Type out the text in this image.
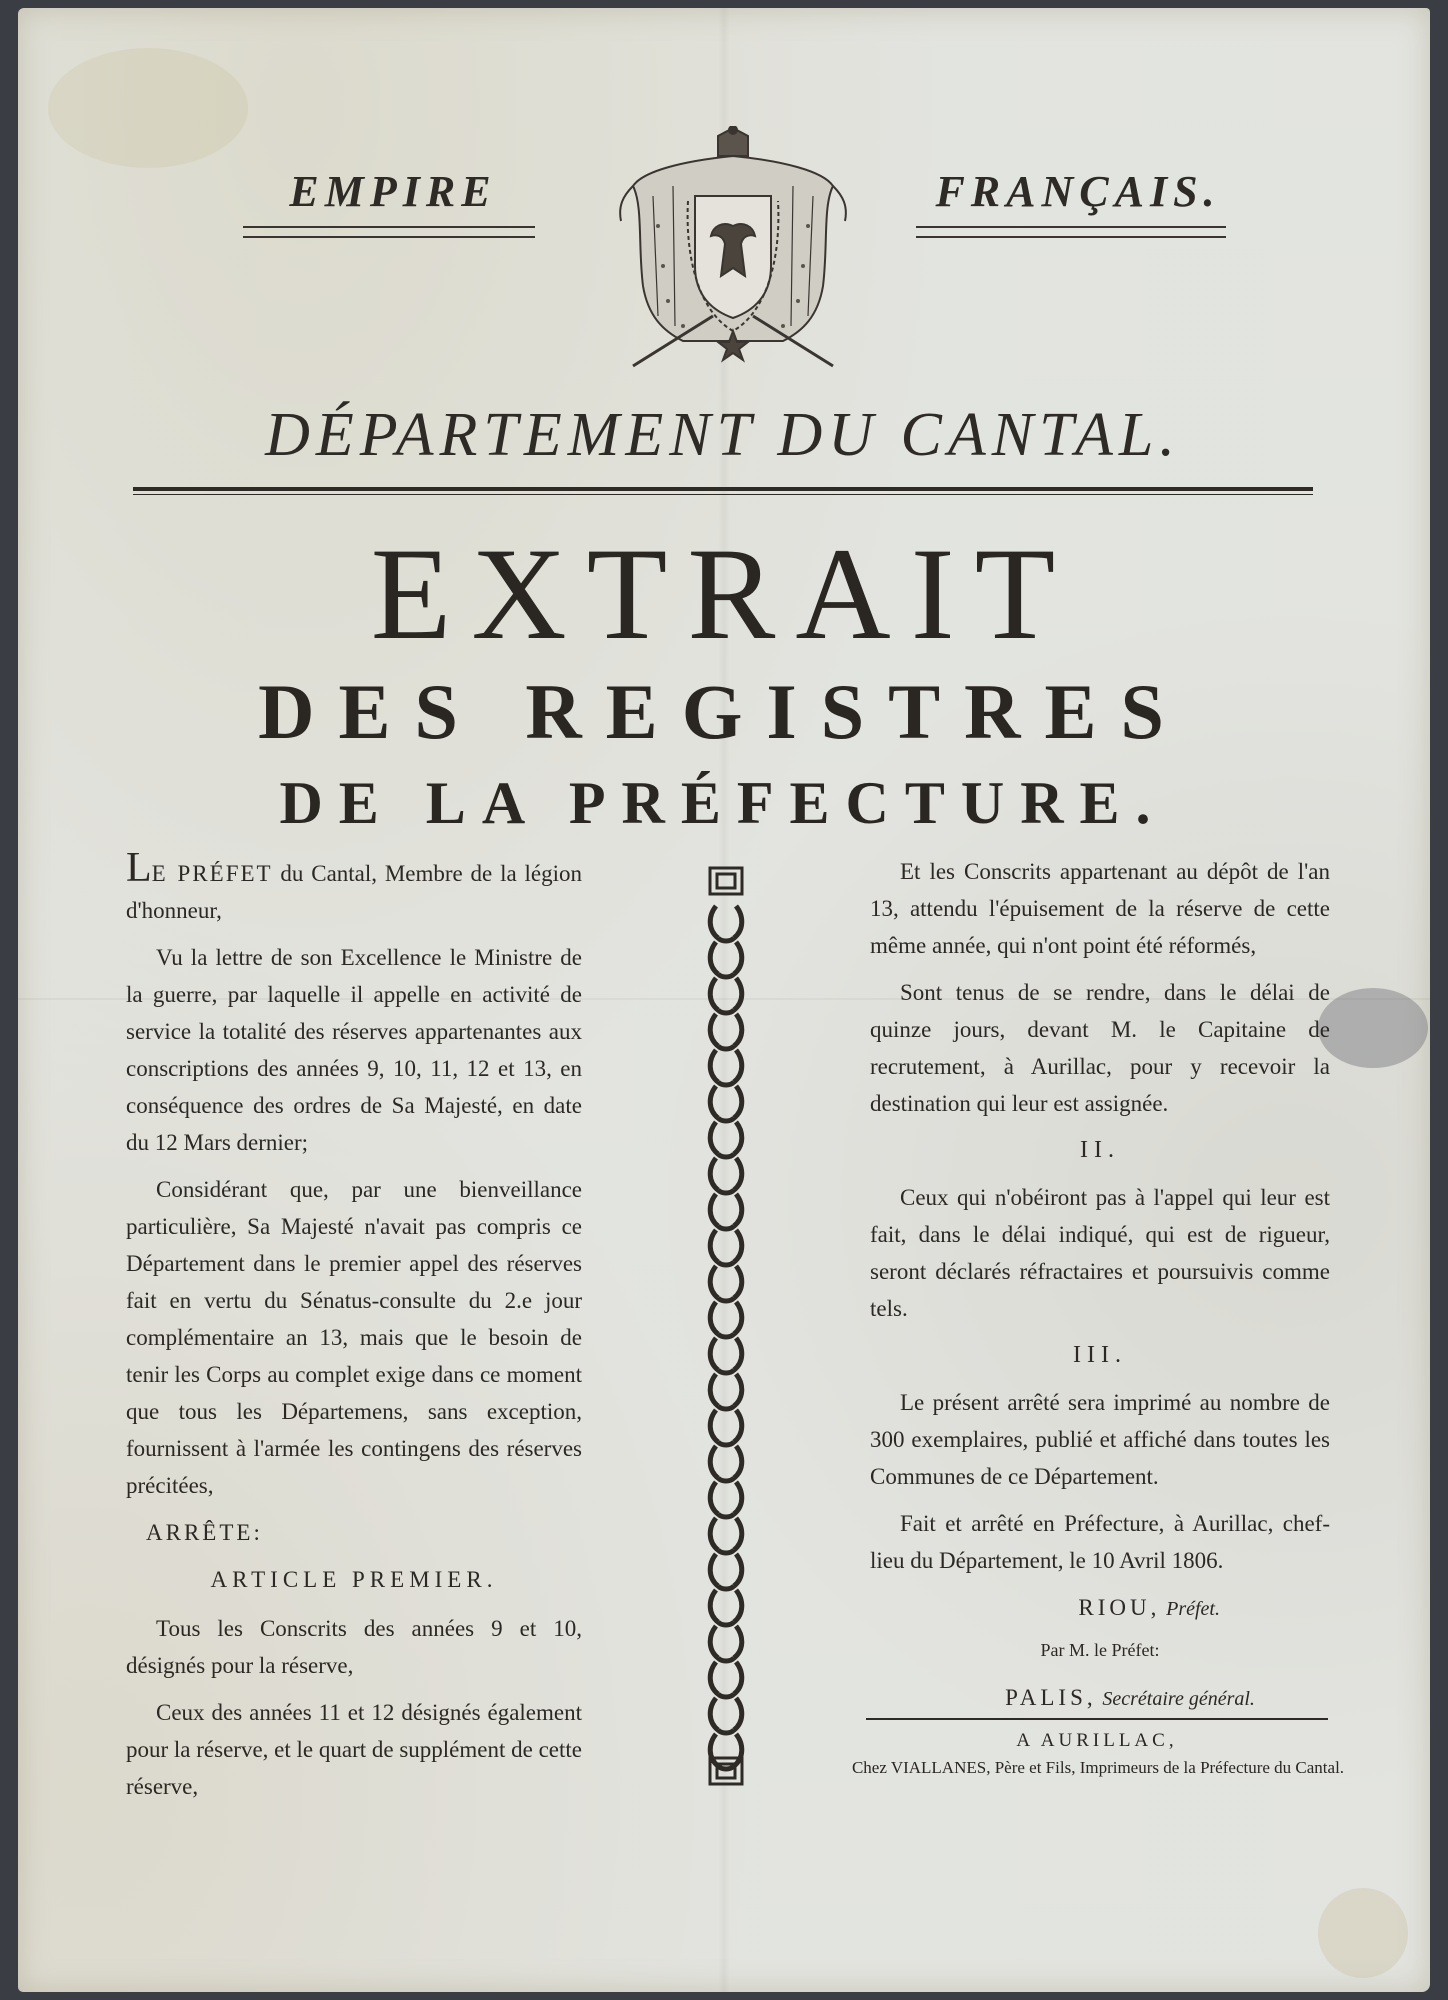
EMPIRE	FRANÇAIS.
DÉPARTEMENT DU CANTAL.
EXTRAIT
DES REGISTRES
DE LA PRÉFECTURE.

LE PRÉFET du Cantal, Membre de la légion d'honneur,

Vu la lettre de son Excellence le Ministre de la guerre, par laquelle il appelle en activité de service la totalité des réserves appartenantes aux conscriptions des années 9, 10, 11, 12 et 13, en conséquence des ordres de Sa Majesté, en date du 12 Mars dernier;

Considérant que, par une bienveillance particulière, Sa Majesté n'avait pas compris ce Département dans le premier appel des réserves fait en vertu du Sénatus-consulte du 2.e jour complémentaire an 13, mais que le besoin de tenir les Corps au complet exige dans ce moment que tous les Départemens, sans exception, fournissent à l'armée les contingens des réserves précitées,

ARRÊTE:
ARTICLE PREMIER.

Tous les Conscrits des années 9 et 10, désignés pour la réserve,

Ceux des années 11 et 12 désignés également pour la réserve, et le quart de supplément de cette réserve,

Et les Conscrits appartenant au dépôt de l'an 13, attendu l'épuisement de la réserve de cette même année, qui n'ont point été réformés,

Sont tenus de se rendre, dans le délai de quinze jours, devant M. le Capitaine de recrutement, à Aurillac, pour y recevoir la destination qui leur est assignée.

II.

Ceux qui n'obéiront pas à l'appel qui leur est fait, dans le délai indiqué, qui est de rigueur, seront déclarés réfractaires et poursuivis comme tels.

III.

Le présent arrêté sera imprimé au nombre de 300 exemplaires, publié et affiché dans toutes les Communes de ce Département.

Fait et arrêté en Préfecture, à Aurillac, chef-lieu du Département, le 10 Avril 1806.

RIOU, Préfet.
Par M. le Préfet:
PALIS, Secrétaire général.
A AURILLAC,
Chez VIALLANES, Père et Fils, Imprimeurs de la Préfecture du Cantal.
